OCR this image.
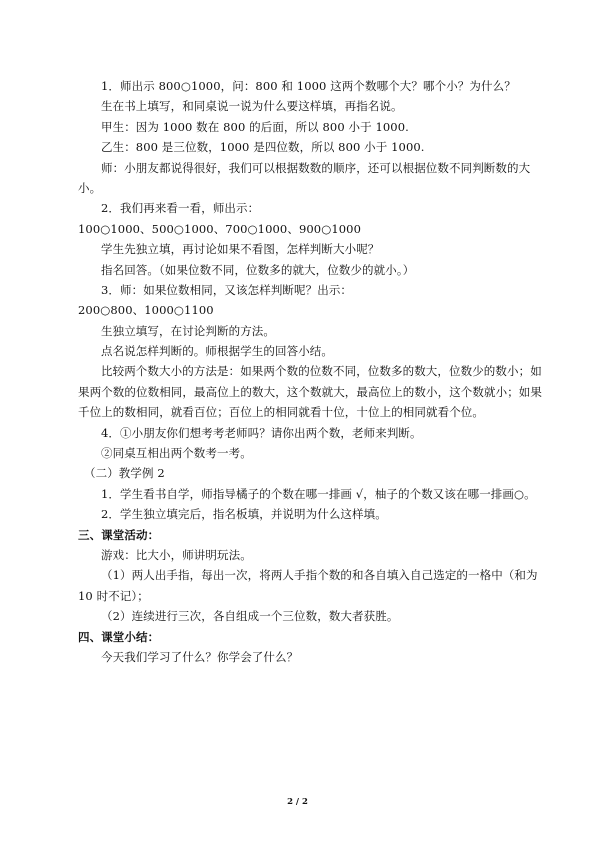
1．师出示 800○1000，问：800 和 1000 这两个数哪个大？哪个小？为什么？
生在书上填写，和同桌说一说为什么要这样填，再指名说。
甲生：因为 1000 数在 800 的后面，所以 800 小于 1000.
乙生：800 是三位数，1000 是四位数，所以 800 小于 1000.
师：小朋友都说得很好，我们可以根据数数的顺序，还可以根据位数不同判断数的大
小。
2．我们再来看一看，师出示：
100○1000、500○1000、700○1000、900○1000
学生先独立填，再讨论如果不看图，怎样判断大小呢？
指名回答。（如果位数不同，位数多的就大，位数少的就小。）
3．师：如果位数相同，又该怎样判断呢？出示：
200○800、1000○1100
生独立填写，在讨论判断的方法。
点名说怎样判断的。师根据学生的回答小结。
比较两个数大小的方法是：如果两个数的位数不同，位数多的数大，位数少的数小；如
果两个数的位数相同，最高位上的数大，这个数就大，最高位上的数小，这个数就小；如果
千位上的数相同，就看百位；百位上的相同就看十位，十位上的相同就看个位。
4．①小朋友你们想考考老师吗？请你出两个数，老师来判断。
②同桌互相出两个数考一考。
（二）教学例 2
1．学生看书自学，师指导橘子的个数在哪一排画 √，柚子的个数又该在哪一排画○。
2．学生独立填完后，指名板填，并说明为什么这样填。
三、课堂活动：
游戏：比大小，师讲明玩法。
（1）两人出手指，每出一次，将两人手指个数的和各自填入自己选定的一格中（和为
10 时不记）；
（2）连续进行三次，各自组成一个三位数，数大者获胜。
四、课堂小结：
今天我们学习了什么？你学会了什么？
2 / 2
